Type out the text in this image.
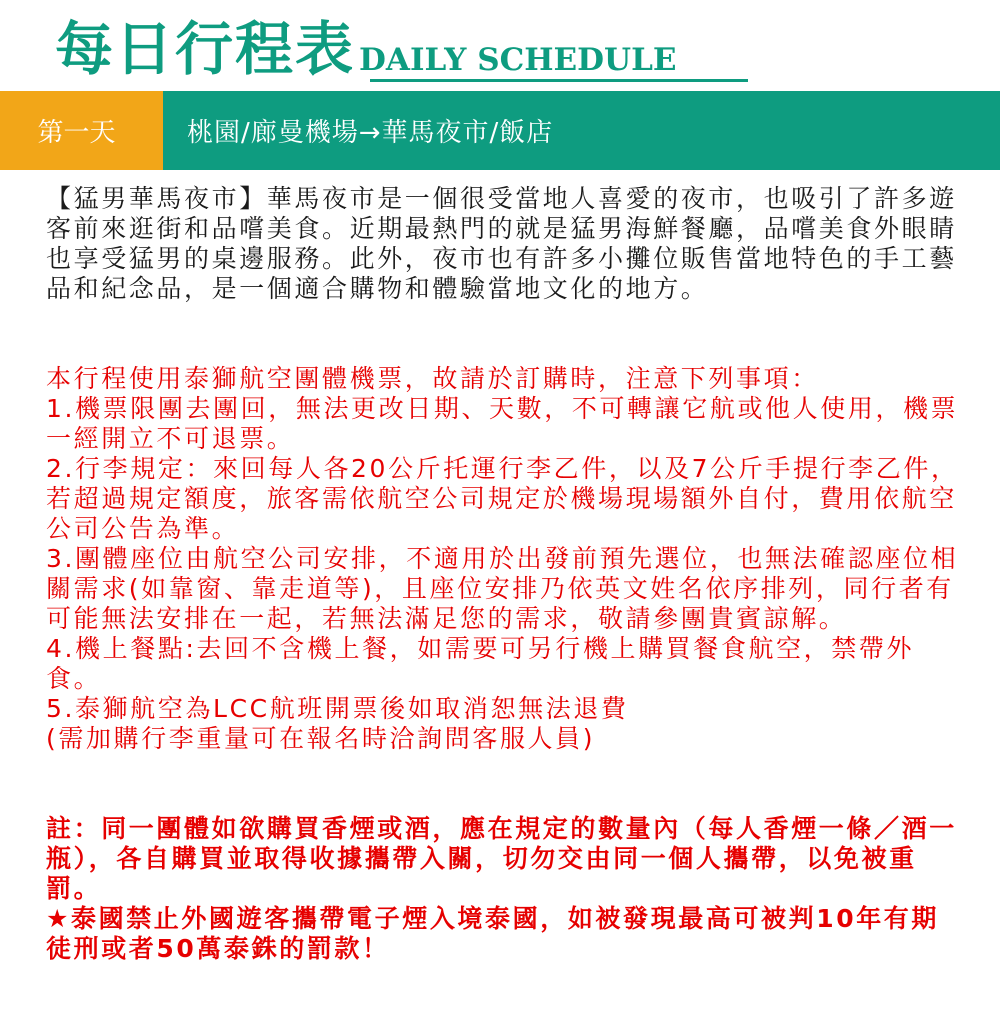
每日行程表 DAILY SCHEDULE
第一天	桃園/廊曼機場→華馬夜市/飯店

【猛男華馬夜市】華馬夜市是一個很受當地人喜愛的夜市，也吸引了許多遊客前來逛街和品嚐美食。近期最熱門的就是猛男海鮮餐廳，品嚐美食外眼睛也享受猛男的桌邊服務。此外，夜市也有許多小攤位販售當地特色的手工藝品和紀念品，是一個適合購物和體驗當地文化的地方。

本行程使用泰獅航空團體機票，故請於訂購時，注意下列事項：

1.機票限團去團回，無法更改日期、天數，不可轉讓它航或他人使用，機票一經開立不可退票。

2.行李規定：來回每人各20公斤托運行李乙件，以及7公斤手提行李乙件，若超過規定額度，旅客需依航空公司規定於機場現場額外自付，費用依航空公司公告為準。

3.團體座位由航空公司安排，不適用於出發前預先選位，也無法確認座位相關需求(如靠窗、靠走道等)，且座位安排乃依英文姓名依序排列，同行者有可能無法安排在一起，若無法滿足您的需求，敬請參團貴賓諒解。

4.機上餐點:去回不含機上餐，如需要可另行機上購買餐食航空，禁帶外食。

5.泰獅航空為LCC航班開票後如取消恕無法退費

(需加購行李重量可在報名時洽詢問客服人員)

註：同一團體如欲購買香煙或酒，應在規定的數量內（每人香煙一條／酒一瓶），各自購買並取得收據攜帶入關，切勿交由同一個人攜帶，以免被重罰。

★泰國禁止外國遊客攜帶電子煙入境泰國，如被發現最高可被判10年有期徒刑或者50萬泰銖的罰款！
